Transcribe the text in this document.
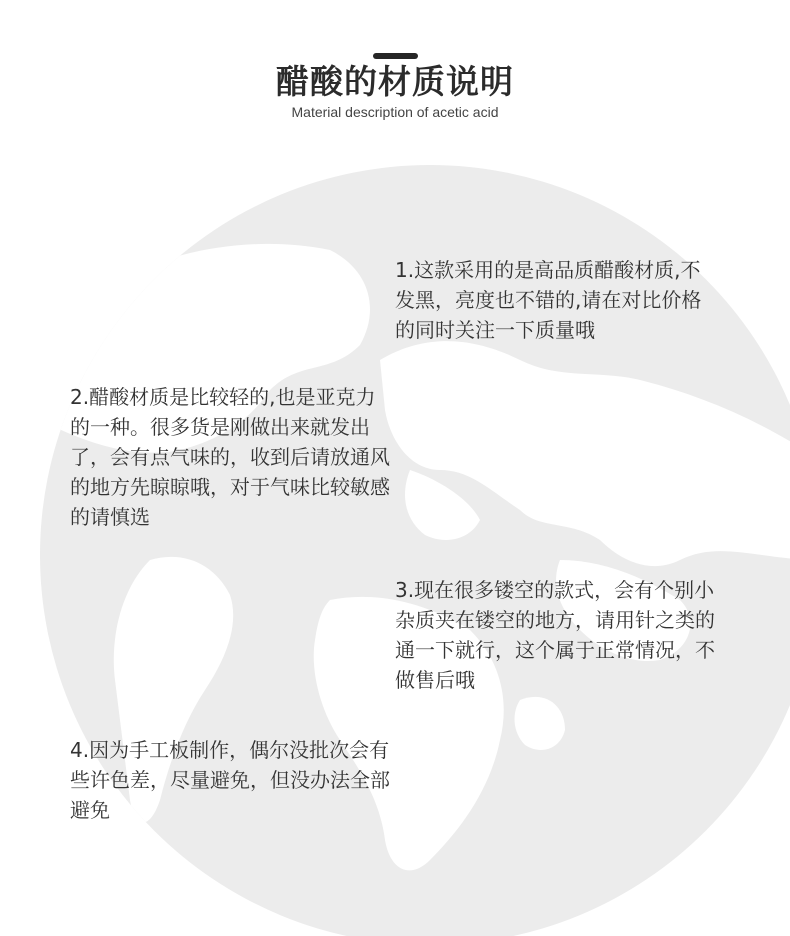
醋酸的材质说明
Material description of acetic acid

1.这款采用的是高品质醋酸材质,不发黑，亮度也不错的,请在对比价格的同时关注一下质量哦

2.醋酸材质是比较轻的,也是亚克力的一种。很多货是刚做出来就发出了，会有点气味的，收到后请放通风的地方先晾晾哦，对于气味比较敏感的请慎选

3.现在很多镂空的款式，会有个别小杂质夹在镂空的地方，请用针之类的通一下就行，这个属于正常情况，不做售后哦

4.因为手工板制作，偶尔没批次会有些许色差，尽量避免，但没办法全部避免
